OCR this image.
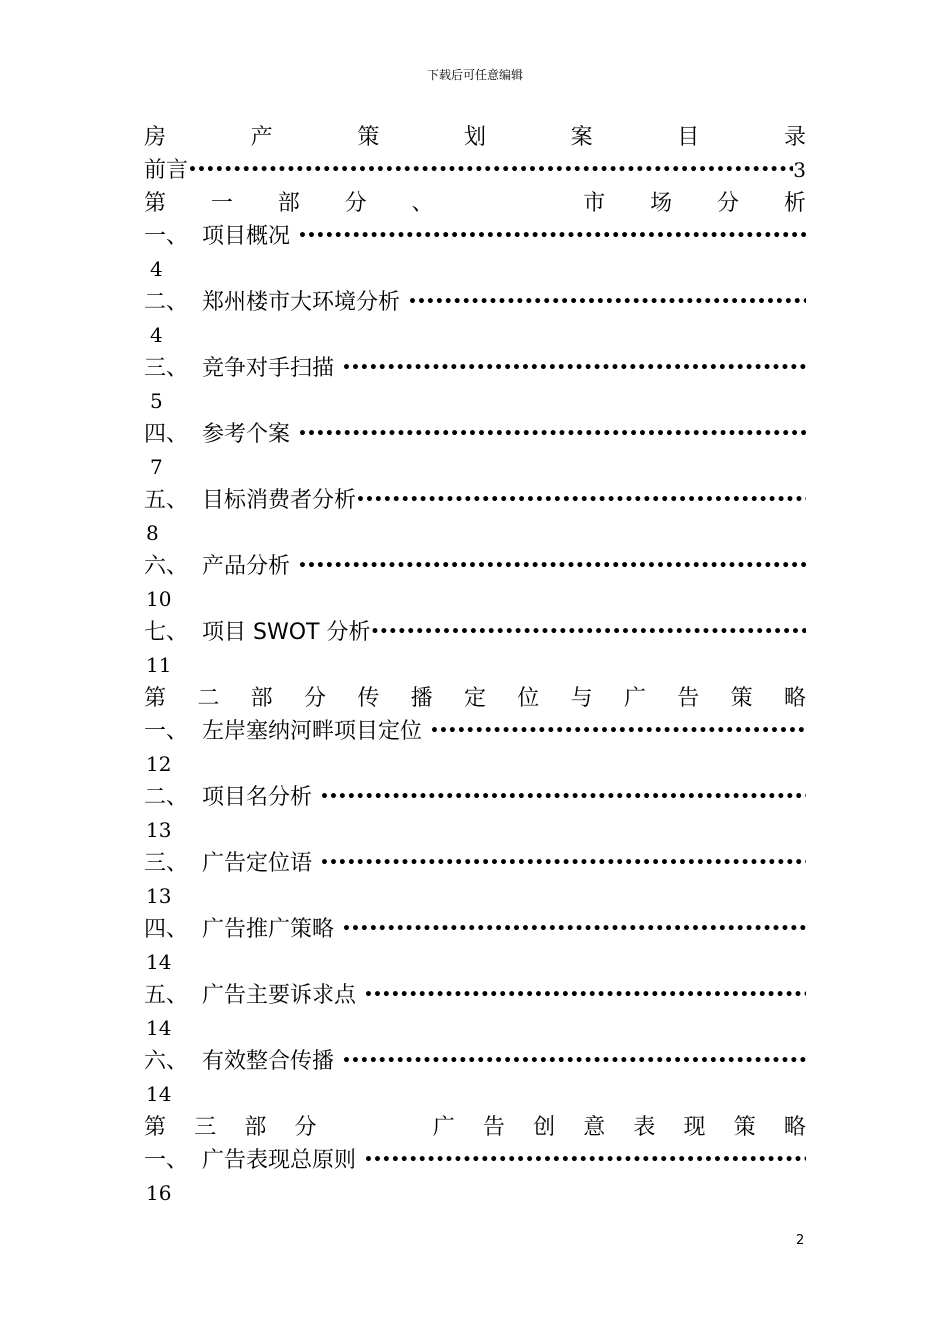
下载后可任意编辑
房	产	策	划	案	目	录
前言
•••••	3
第 一 部 分 、	市 场 分 析
一、 项目概况
•••••
4
二、 郑州楼市大环境分析
•••••
4
三、 竞争对手扫描
•••••
5
四、 参考个案
•••••
7
五、 目标消费者分析
•••••
8
六、 产品分析
•••••
10
七、 项目 SWOT 分析
•••••
11
第 二 部 分 传 播 定 位 与 广 告 策 略
一、 左岸塞纳河畔项目定位
•••••
12
二、 项目名分析
•••••
13
三、 广告定位语
•••••
13
四、 广告推广策略
•••••
14
五、 广告主要诉求点
•••••
14
六、 有效整合传播
•••••
14
第 三 部 分	广 告 创 意 表 现 策 略
一、 广告表现总原则
•••••
16
2
